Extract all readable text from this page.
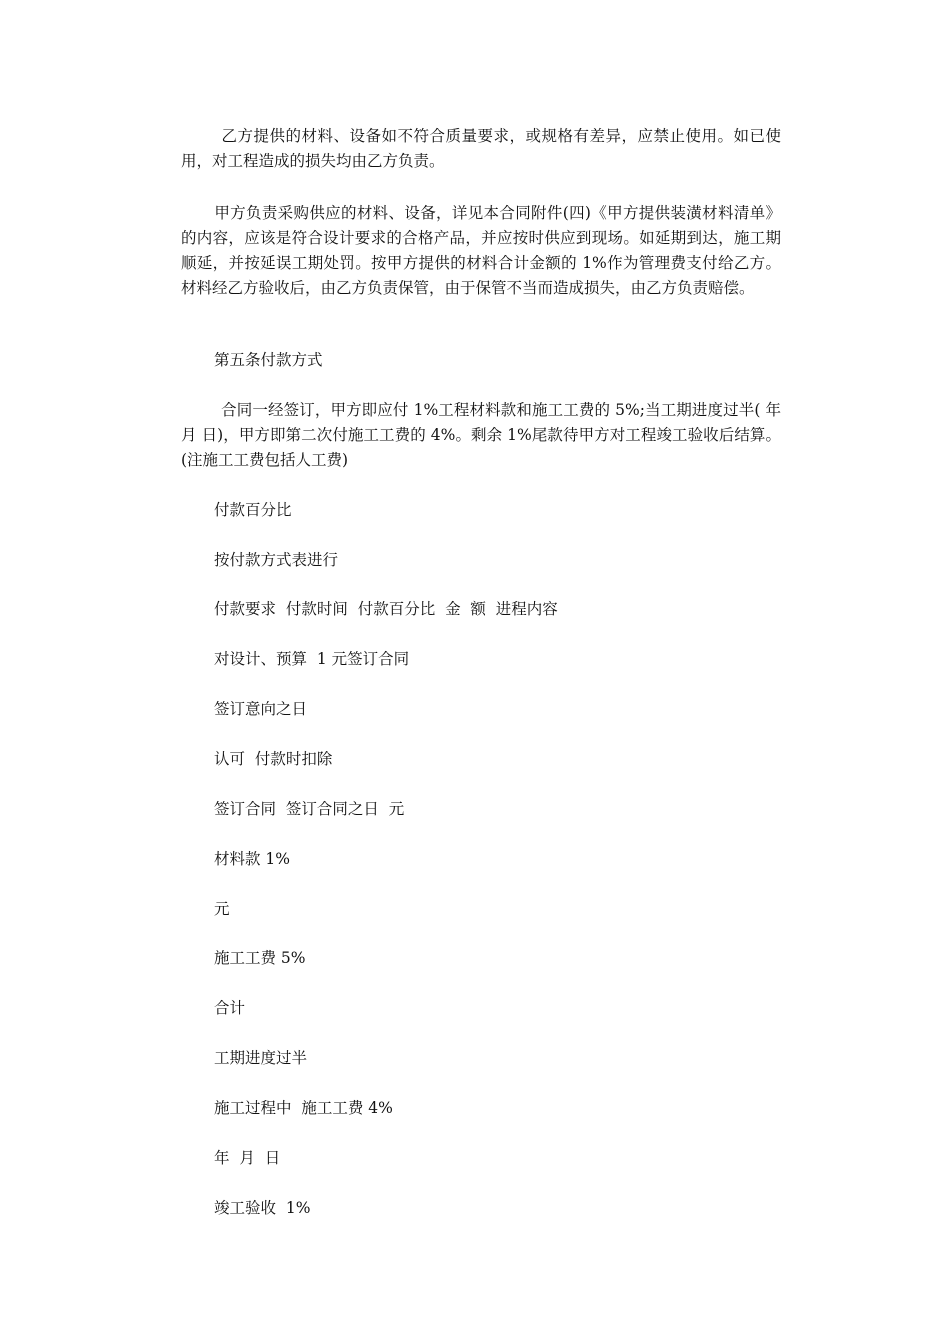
乙方提供的材料、设备如不符合质量要求，或规格有差异，应禁止使用。如已使用，对工程造成的损失均由乙方负责。

甲方负责采购供应的材料、设备，详见本合同附件(四)《甲方提供装潢材料清单》的内容，应该是符合设计要求的合格产品，并应按时供应到现场。如延期到达，施工期顺延，并按延误工期处罚。按甲方提供的材料合计金额的 1%作为管理费支付给乙方。材料经乙方验收后，由乙方负责保管，由于保管不当而造成损失，由乙方负责赔偿。

第五条付款方式

合同一经签订，甲方即应付 1%工程材料款和施工工费的 5%;当工期进度过半( 年 月 日)，甲方即第二次付施工工费的 4%。剩余 1%尾款待甲方对工程竣工验收后结算。(注施工工费包括人工费)

付款百分比

按付款方式表进行

付款要求  付款时间  付款百分比  金  额  进程内容

对设计、预算  1 元签订合同

签订意向之日

认可  付款时扣除

签订合同  签订合同之日  元

材料款 1%

元

施工工费 5%

合计

工期进度过半

施工过程中  施工工费 4%

年  月  日

竣工验收  1%
